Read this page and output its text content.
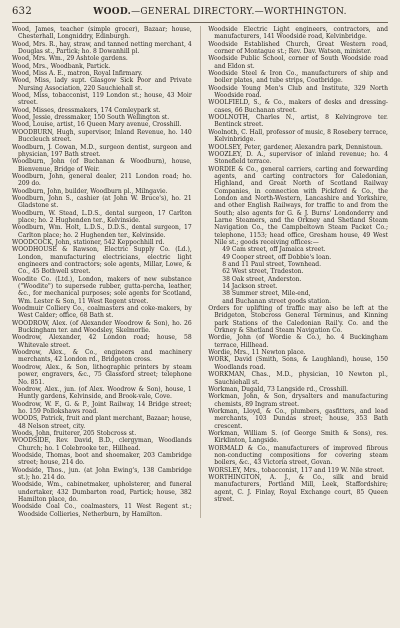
632	WOOD.—GENERAL DIRECTORY.—WORTHINGTON.

Wood, James, teacher (simple grocer), Bazaar; house, Chesterhall, Longniddry, Edinburgh.

Wood, Mrs. R., hay, straw, and tanned netting merchant, 4 Douglas st., Partick; ho. 8 Dowanhill pl.

Wood, Mrs. Wm., 29 Ashtole gardens.

Wood, Mrs., Woodbank, Partick.

Wood, Miss A. E., matron, Royal Infirmary.

Wood, Miss, lady supt. Glasgow Sick Poor and Private Nursing Association, 220 Sauchiehall st.

Wood, Miss, tobacconist, 119 London st.; house, 43 Moir street.

Wood, Misses, dressmakers, 174 Comleypark st.

Wood, Jessie, dressmaker, 150 South Wellington st.

Wood, Louise, artist, 16 Queen Mary avenue, Crosshill.

WOODBURN, Hugh, supervisor, Inland Revenue, ho. 140 Buccleuch street.

Woodburn, J. Cowan, M.D., surgeon dentist, surgeon and physician, 197 Bath street.

Woodburn, John (of Buchanan & Woodburn), house, Bienvenue, Bridge of Weir.

Woodburn, John, general dealer, 211 London road; ho. 209 do.

Woodburn, John, builder, Woodburn pl., Milngavie.

Woodburn, John S., cashier (at John W. Bruce's), ho. 21 Gladstone st.

Woodburn, W. Stead, L.D.S., dental surgeon, 17 Carlton place; ho. 2 Hughenden ter., Kelvinside.

Woodburn, Wm. Holt, L.D.S., D.D.S., dental surgeon, 17 Carlton place; ho. 2 Hughenden ter., Kelvinside.

WOODCOCK, John, stationer, 542 Keppochhill rd.

WOODHOUSE & Rawson, Electric Supply Co. (Ld.), London, manufacturing electricians, electric light engineers and contractors; sole agents, Millar, Lowe, & Co., 45 Bothwell street.

Woodite Co. (Ltd.), London, makers of new substance ("Woodite") to supersede rubber, gutta-percha, leather, &c., for mechanical purposes; sole agents for Scotland, Wm. Lester & Son, 11 West Regent street.

Woodmuir Colliery Co., coalmasters and coke-makers, by West Calder; office, 68 Bath st.

WOODROW, Alex. (of Alexander Woodrow & Son), ho. 26 Buckingham ter. and Woodsley, Skelmorlie.

Woodrow, Alexander, 42 London road; house, 58 Whitevale street.

Woodrow, Alex., & Co., engineers and machinery merchants, 42 London rd., Bridgeton cross.

Woodrow, Alex., & Son, lithographic printers by steam power, engravers, &c., 75 Glassford street; telephone No. 851.

Woodrow, Alex., jun. (of Alex. Woodrow & Son), house, 1 Huntly gardens, Kelvinside, and Brook-vale, Cove.

Woodrow, W. F., G. & P., Joint Railway, 14 Bridge street; ho. 159 Pollokshaws road.

WOODS, Patrick, fruit and plant merchant, Bazaar; house, 48 Nelson street, city.

Woods, John, fruiterer, 205 Stobcross st.

WOODSIDE, Rev. David, B.D., clergyman, Woodlands Church; ho. 1 Colebrooke ter., Hillhead.

Woodside, Thomas, boot and shoemaker, 203 Cambridge street; house, 214 do.

Woodside, Thos., jun. (at John Ewing's, 138 Cambridge st.); ho. 214 do.

Woodside, Wm., cabinetmaker, upholsterer, and funeral undertaker, 432 Dumbarton road, Partick; house, 382 Hamilton place, do.

Woodside Coal Co., coalmasters, 11 West Regent st.; Woodside Collieries, Netherburn, by Hamilton.

Woodside Electric Light engineers, contractors, and manufacturers, 141 Woodside road, Kelvinbridge.

Woodside Established Church, Great Western road, corner of Montague st.; Rev. Dav. Watson, minister.

Woodside Public School, corner of South Woodside road and Eldon st.

Woodside Steel & Iron Co., manufacturers of ship and boiler plates, and tube strips, Coatbridge.

Woodside Young Men's Club and Institute, 329 North Woodside road.

WOOLFIELD, S., & Co., makers of desks and dressing-cases, 66 Buchanan street.

WOOLNOTH, Charles N., artist, 8 Kelvingrove ter. Bentinck street.

Woolnoth, C. Hall, professor of music, 8 Rosebery terrace, Kelvinbridge.

WOOLSEY, Peter, gardener, Alexandra park, Dennistoun.

WOOZLEY, D. A., supervisor of inland revenue; ho. 4 Stonefield terrace.

WORDIE & Co., general carriers, carting and forwarding agents, and carting contractors for Caledonian, Highland, and Great North of Scotland Railway Companies, in connection with Pickford & Co., the London and North-Western, Lancashire and Yorkshire, and other English Railways, for traffic to and from the South; also agents for G. & J. Burns' Londonderry and Larne Steamers, and the Orkney and Shetland Steam Navigation Co., the Campbeltown Steam Packet Co.; telephone, 1153; head office, Gresham house, 49 West Nile st.; goods receiving offices:—

49 Cam street, off Jamaica street.

49 Cooper street, off Dobbie's loan.

8 and 11 Paul street, Townhead.

62 West street, Tradeston.

38 Oak street, Anderston.

14 Jackson street.

38 Summer street, Mile-end,

and Buchanan street goods station.

Orders for uplifting of traffic may also be left at the Bridgeton, Stobcross General Terminus, and Kinning park Stations of the Caledonian Rail'y. Co. and the Orkney & Shetland Steam Navigation Co.

Wordie, John (of Wordie & Co.), ho. 4 Buckingham terrace, Hillhead.

Wordie, Mrs., 11 Newton place.

WORK, David (Smith, Sons, & Laughland), house, 150 Woodlands road.

WORKMAN, Chas., M.D., physician, 10 Newton pl., Sauchiehall st.

Workman, Dugald, 73 Langside rd., Crosshill.

Workman, John, & Son, drysalters and manufacturing chemists, 89 Ingram street.

Workman, Lloyd, & Co., plumbers, gasfitters, and lead merchants, 103 Dundas street; house, 353 Bath crescent.

Workman, William S. (of George Smith & Sons), res. Kirklinton, Langside.

WORMALD & Co., manufacturers of improved fibrous non-conducting compositions for covering steam boilers, &c., 43 Victoria street, Govan.

WORSLEY, Mrs., tobacconist, 117 and 119 W. Nile street.

WORTHINGTON, A. J., & Co., silk and braid manufacturers, Portland Mill, Leek, Staffordshire; agent, C. J. Finlay, Royal Exchange court, 85 Queen street.
